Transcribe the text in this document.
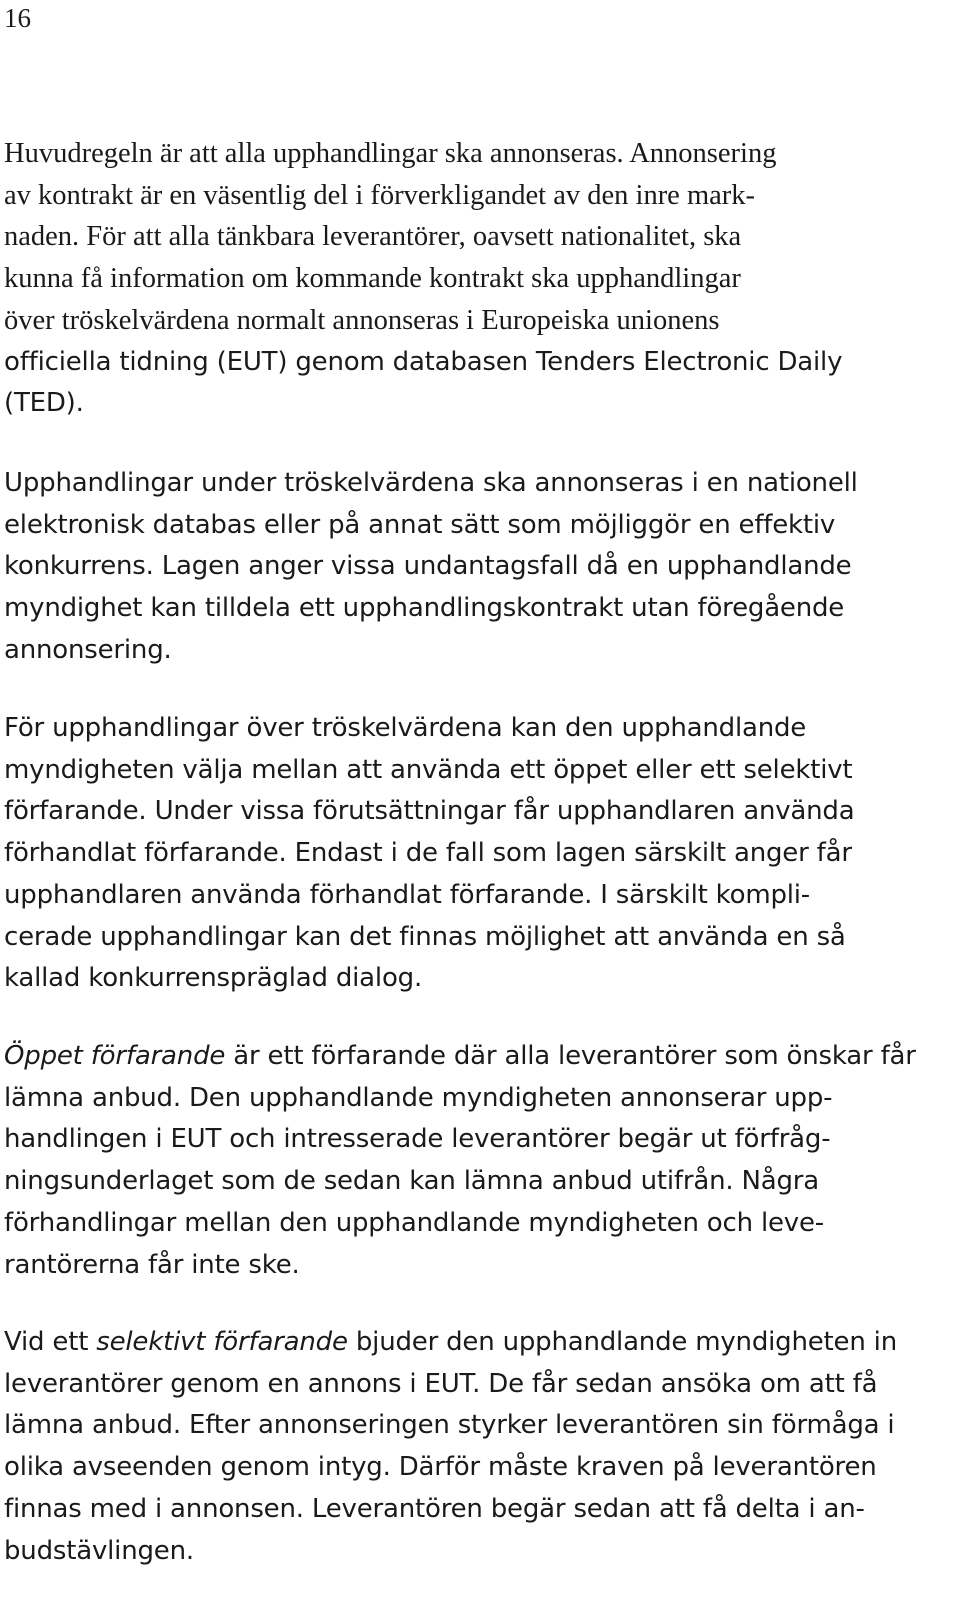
16

Huvudregeln är att alla upphandlingar ska annonseras. Annonsering
av kontrakt är en väsentlig del i förverkligandet av den inre mark-
naden. För att alla tänkbara leverantörer, oavsett nationalitet, ska
kunna få information om kommande kontrakt ska upphandlingar
över tröskelvärdena normalt annonseras i Europeiska unionens
officiella tidning (EUT) genom databasen Tenders Electronic Daily
(TED).

Upphandlingar under tröskelvärdena ska annonseras i en nationell
elektronisk databas eller på annat sätt som möjliggör en effektiv
konkurrens. Lagen anger vissa undantagsfall då en upphandlande
myndighet kan tilldela ett upphandlingskontrakt utan föregående
annonsering.

För upphandlingar över tröskelvärdena kan den upphandlande
myndigheten välja mellan att använda ett öppet eller ett selektivt
förfarande. Under vissa förutsättningar får upphandlaren använda
förhandlat förfarande. Endast i de fall som lagen särskilt anger får
upphandlaren använda förhandlat förfarande. I särskilt kompli-
cerade upphandlingar kan det finnas möjlighet att använda en så
kallad konkurrenspräglad dialog.

Öppet förfarande är ett förfarande där alla leverantörer som önskar får
lämna anbud. Den upphandlande myndigheten annonserar upp-
handlingen i EUT och intresserade leverantörer begär ut förfråg-
ningsunderlaget som de sedan kan lämna anbud utifrån. Några
förhandlingar mellan den upphandlande myndigheten och leve-
rantörerna får inte ske.

Vid ett selektivt förfarande bjuder den upphandlande myndigheten in
leverantörer genom en annons i EUT. De får sedan ansöka om att få
lämna anbud. Efter annonseringen styrker leverantören sin förmåga i
olika avseenden genom intyg. Därför måste kraven på leverantören
finnas med i annonsen. Leverantören begär sedan att få delta i an-
budstävlingen.
